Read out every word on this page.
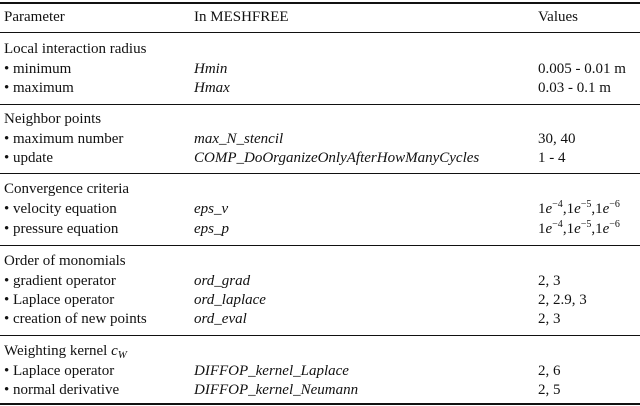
Parameter	In MESHFREE	Values
Local interaction radius
• minimum	Hmin	0.005 - 0.01 m
• maximum	Hmax	0.03 - 0.1 m
Neighbor points
• maximum number	max_N_stencil	30, 40
• update	COMP_DoOrganizeOnlyAfterHowManyCycles	1 - 4
Convergence criteria
• velocity equation	eps_v	$1e^{-4},1e^{-5},1e^{-6}$
• pressure equation	eps_p	$1e^{-4},1e^{-5},1e^{-6}$
Order of monomials
• gradient operator	ord_grad	2, 3
• Laplace operator	ord_laplace	2, 2.9, 3
• creation of new points	ord_eval	2, 3
Weighting kernel $c_W$
• Laplace operator	DIFFOP_kernel_Laplace	2, 6
• normal derivative	DIFFOP_kernel_Neumann	2, 5
